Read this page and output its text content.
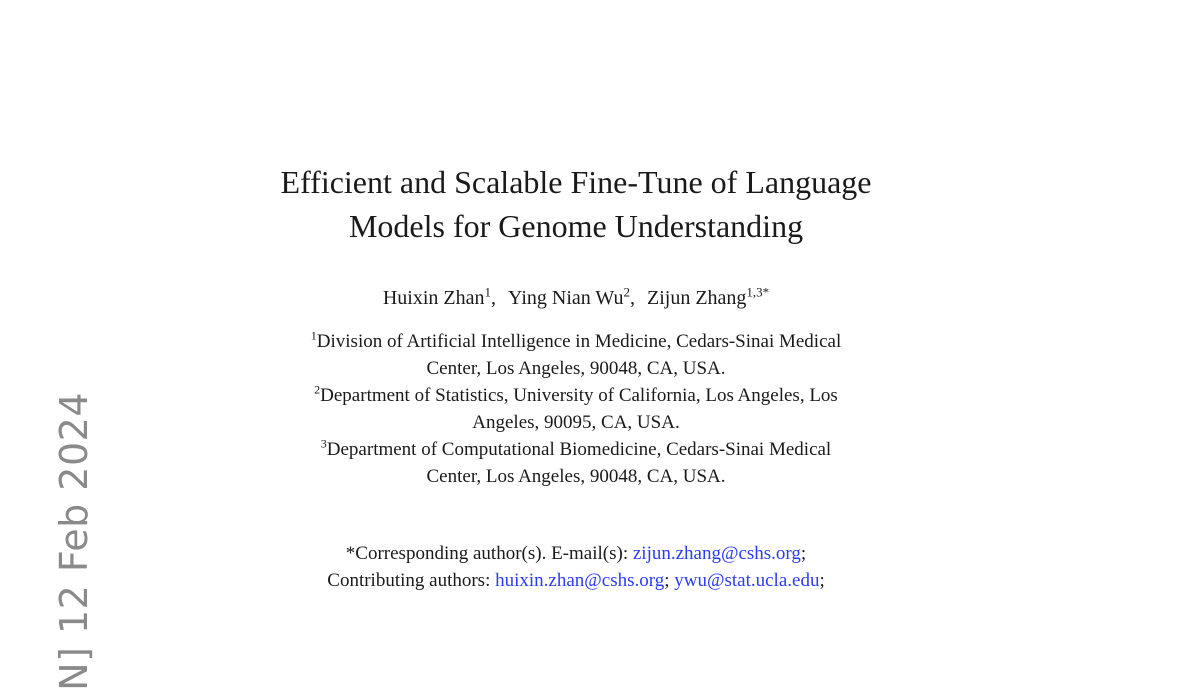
N] 12 Feb 2024
Efficient and Scalable Fine-Tune of Language
Models for Genome Understanding
Huixin Zhan$^1$, Ying Nian Wu$^2$, Zijun Zhang$^{1,3*}$
$^1$Division of Artificial Intelligence in Medicine, Cedars-Sinai Medical
Center, Los Angeles, 90048, CA, USA.
$^2$Department of Statistics, University of California, Los Angeles, Los
Angeles, 90095, CA, USA.
$^3$Department of Computational Biomedicine, Cedars-Sinai Medical
Center, Los Angeles, 90048, CA, USA.
*Corresponding author(s). E-mail(s): zijun.zhang@cshs.org;
Contributing authors: huixin.zhan@cshs.org; ywu@stat.ucla.edu;
